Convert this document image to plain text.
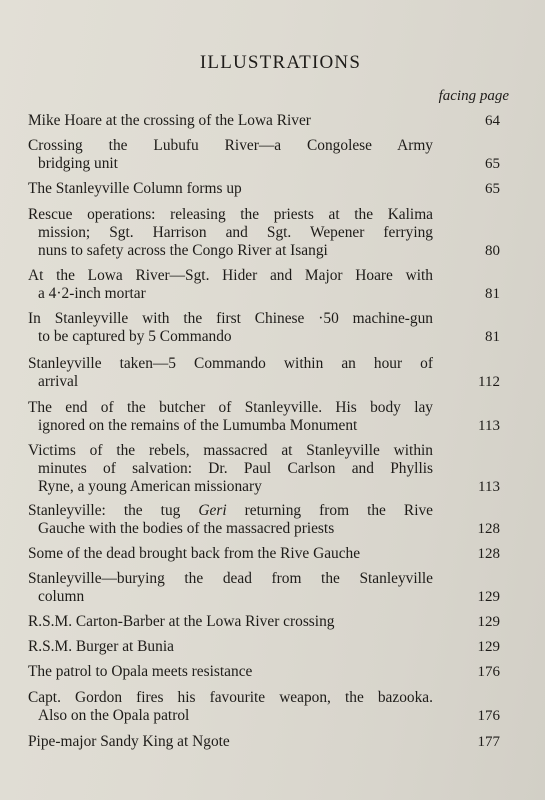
ILLUSTRATIONS
facing page
Mike Hoare at the crossing of the Lowa River	64
Crossing the Lubufu River—a Congolese Army
bridging unit	65
The Stanleyville Column forms up	65
Rescue operations: releasing the priests at the Kalima
mission; Sgt. Harrison and Sgt. Wepener ferrying
nuns to safety across the Congo River at Isangi	80
At the Lowa River—Sgt. Hider and Major Hoare with
a 4·2-inch mortar	81
In Stanleyville with the first Chinese ·50 machine-gun
to be captured by 5 Commando	81
Stanleyville taken—5 Commando within an hour of
arrival	112
The end of the butcher of Stanleyville. His body lay
ignored on the remains of the Lumumba Monument	113
Victims of the rebels, massacred at Stanleyville within
minutes of salvation: Dr. Paul Carlson and Phyllis
Ryne, a young American missionary	113
Stanleyville: the tug Geri returning from the Rive
Gauche with the bodies of the massacred priests	128
Some of the dead brought back from the Rive Gauche	128
Stanleyville—burying the dead from the Stanleyville
column	129
R.S.M. Carton-Barber at the Lowa River crossing	129
R.S.M. Burger at Bunia	129
The patrol to Opala meets resistance	176
Capt. Gordon fires his favourite weapon, the bazooka.
Also on the Opala patrol	176
Pipe-major Sandy King at Ngote	177
